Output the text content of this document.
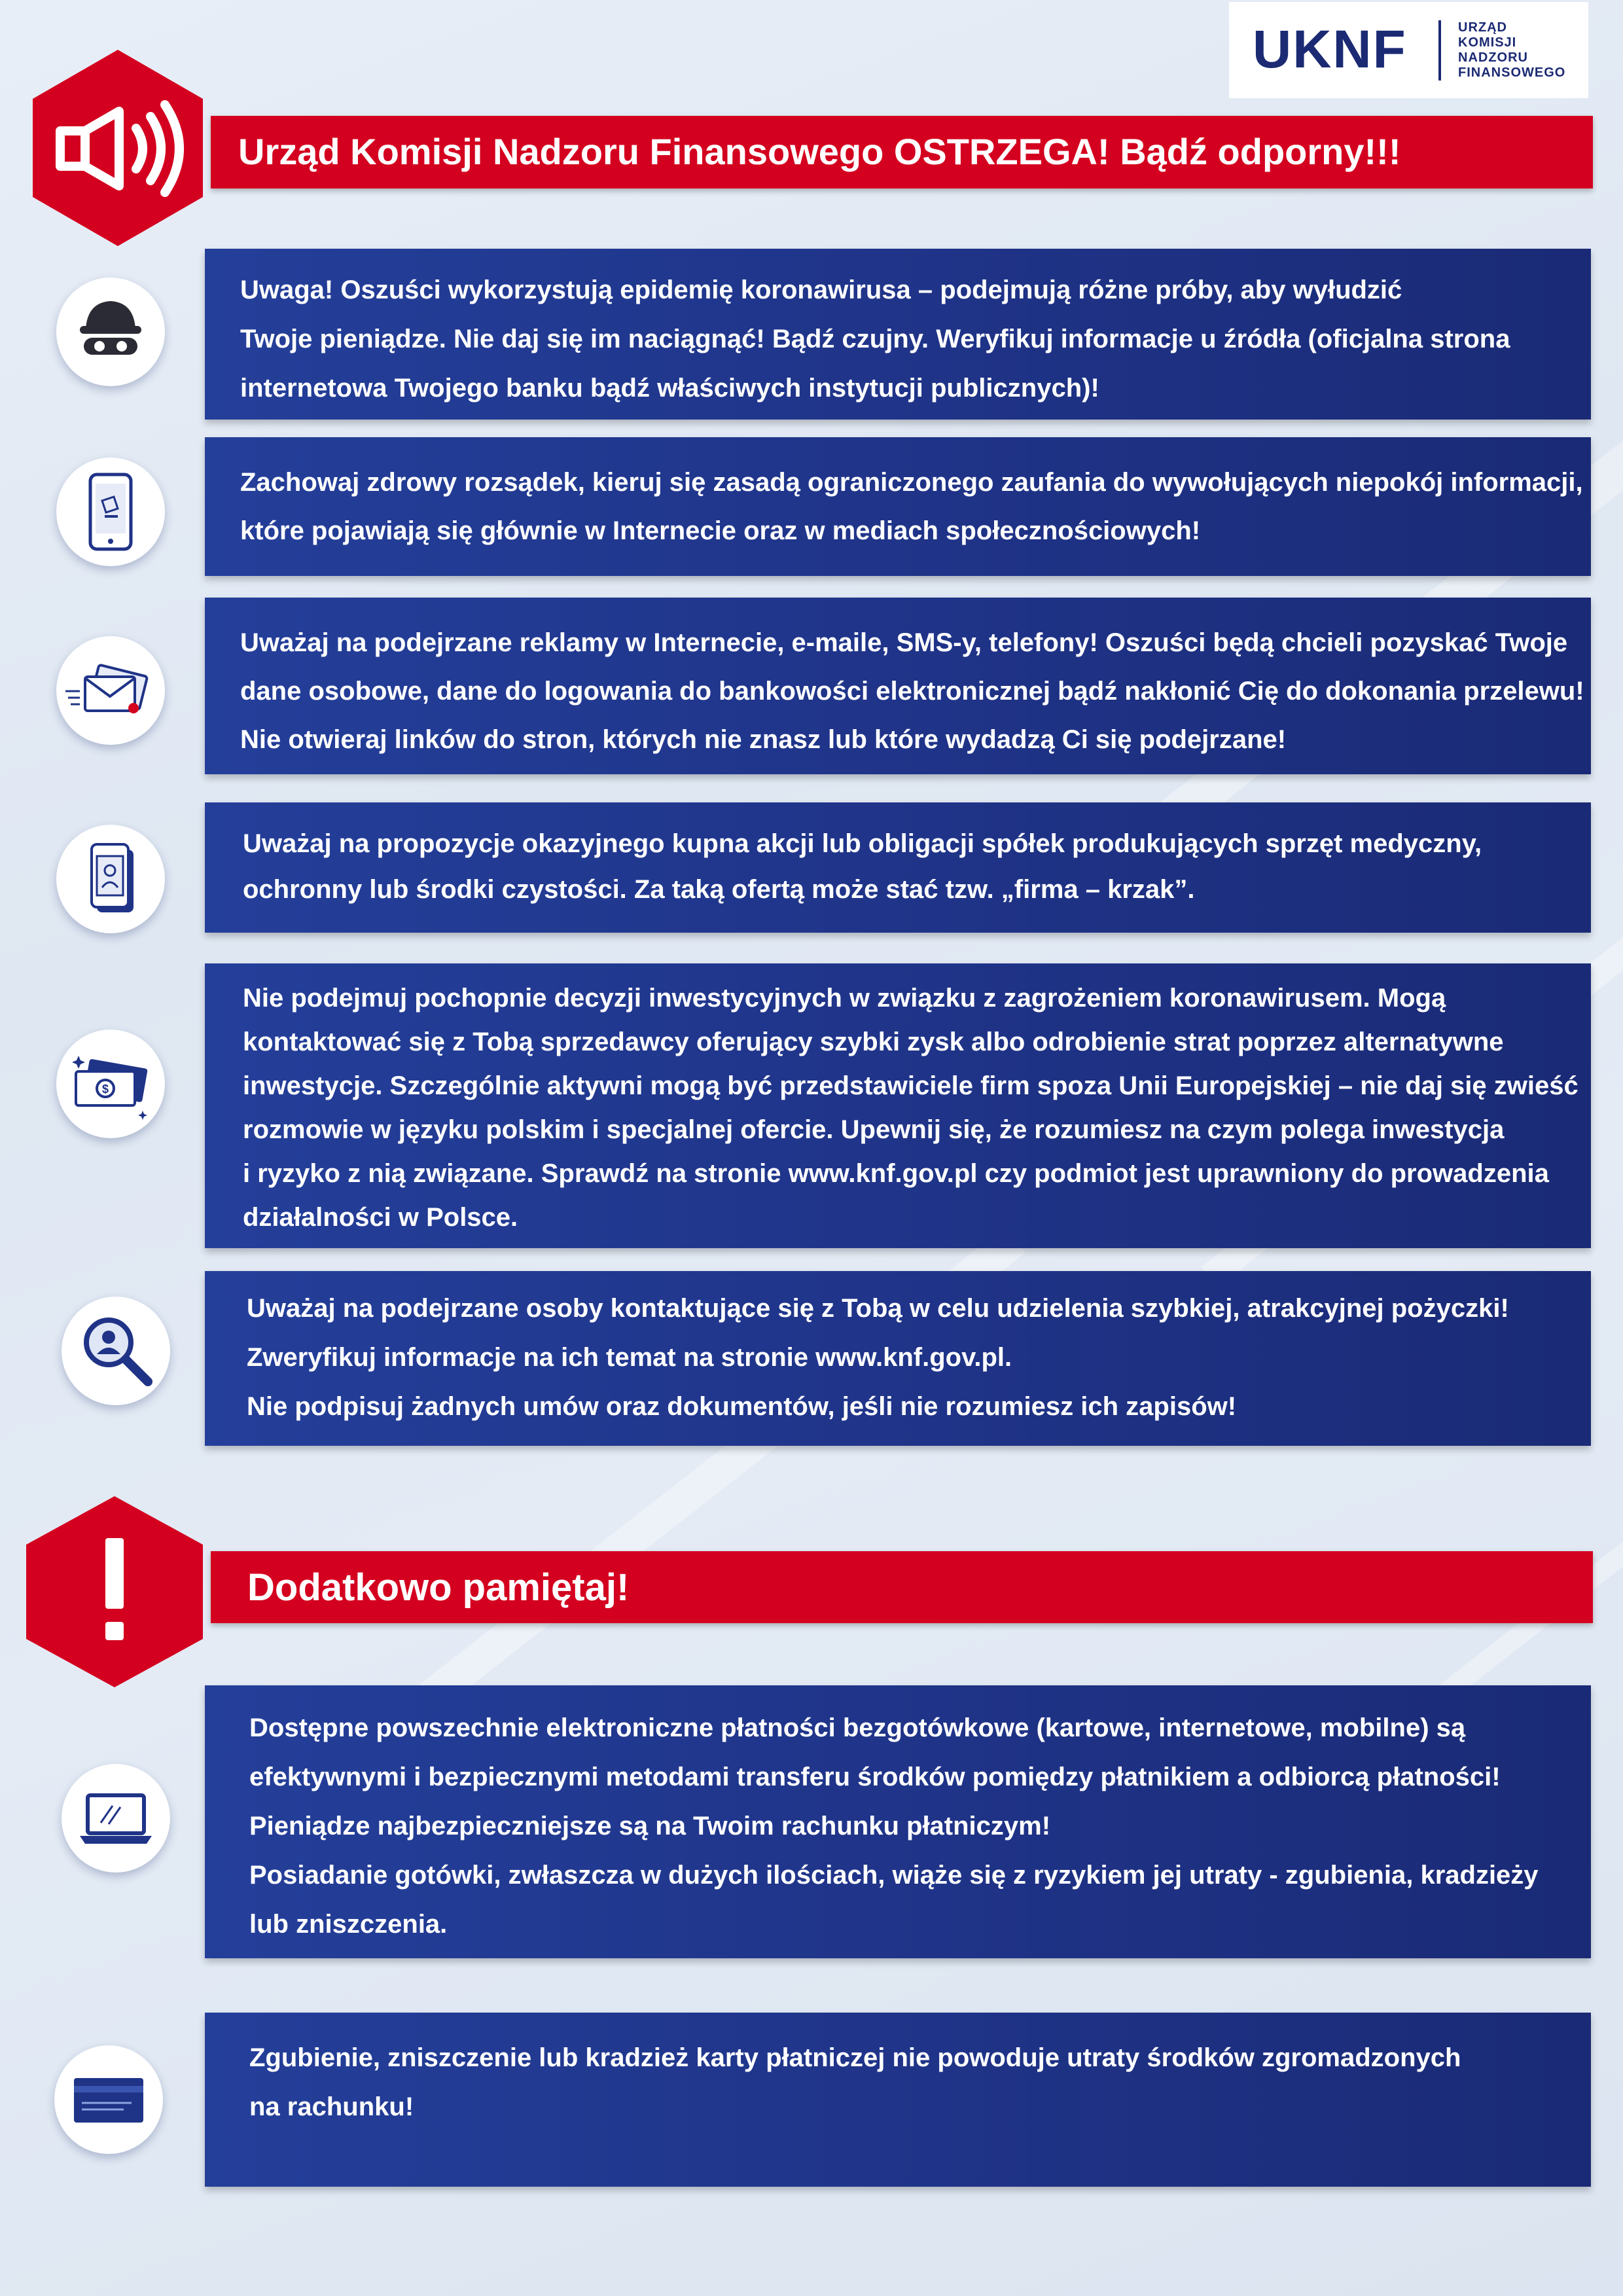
UKNF	URZĄD
KOMISJI
NADZORU
FINANSOWEGO
Urząd Komisji Nadzoru Finansowego OSTRZEGA! Bądź odporny!!!
$

Uwaga! Oszuści wykorzystują epidemię koronawirusa – podejmują różne próby, aby wyłudzić

Twoje pieniądze. Nie daj się im naciągnąć! Bądź czujny. Weryfikuj informacje u źródła (oficjalna strona

internetowa Twojego banku bądź właściwych instytucji publicznych)!

Zachowaj zdrowy rozsądek, kieruj się zasadą ograniczonego zaufania do wywołujących niepokój informacji,

które pojawiają się głównie w Internecie oraz w mediach społecznościowych!

Uważaj na podejrzane reklamy w Internecie, e-maile, SMS-y, telefony! Oszuści będą chcieli pozyskać Twoje

dane osobowe, dane do logowania do bankowości elektronicznej bądź nakłonić Cię do dokonania przelewu!

Nie otwieraj linków do stron, których nie znasz lub które wydadzą Ci się podejrzane!

Uważaj na propozycje okazyjnego kupna akcji lub obligacji spółek produkujących sprzęt medyczny,

ochronny lub środki czystości. Za taką ofertą może stać tzw. „firma – krzak”.

Nie podejmuj pochopnie decyzji inwestycyjnych w związku z zagrożeniem koronawirusem. Mogą

kontaktować się z Tobą sprzedawcy oferujący szybki zysk albo odrobienie strat poprzez alternatywne

inwestycje. Szczególnie aktywni mogą być przedstawiciele firm spoza Unii Europejskiej – nie daj się zwieść

rozmowie w języku polskim i specjalnej ofercie. Upewnij się, że rozumiesz na czym polega inwestycja

i ryzyko z nią związane. Sprawdź na stronie www.knf.gov.pl czy podmiot jest uprawniony do prowadzenia

działalności w Polsce.

Uważaj na podejrzane osoby kontaktujące się z Tobą w celu udzielenia szybkiej, atrakcyjnej pożyczki!

Zweryfikuj informacje na ich temat na stronie www.knf.gov.pl.

Nie podpisuj żadnych umów oraz dokumentów, jeśli nie rozumiesz ich zapisów!

Dodatkowo pamiętaj!

Dostępne powszechnie elektroniczne płatności bezgotówkowe (kartowe, internetowe, mobilne) są

efektywnymi i bezpiecznymi metodami transferu środków pomiędzy płatnikiem a odbiorcą płatności!

Pieniądze najbezpieczniejsze są na Twoim rachunku płatniczym!

Posiadanie gotówki, zwłaszcza w dużych ilościach, wiąże się z ryzykiem jej utraty - zgubienia, kradzieży

lub zniszczenia.

Zgubienie, zniszczenie lub kradzież karty płatniczej nie powoduje utraty środków zgromadzonych

na rachunku!
